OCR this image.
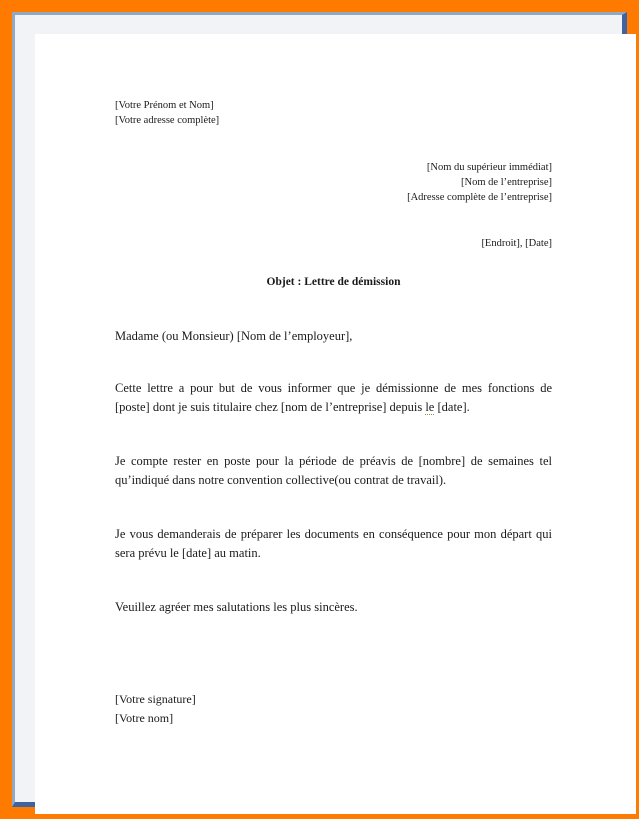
[Votre Prénom et Nom]
[Votre adresse complète]
[Nom du supérieur immédiat]
[Nom de l’entreprise]
[Adresse complète de l’entreprise]
[Endroit], [Date]
Objet : Lettre de démission
Madame (ou Monsieur) [Nom de l’employeur],
Cette lettre a pour but de vous informer que je démissionne de mes fonctions de [poste] dont je suis titulaire chez [nom de l’entreprise] depuis le [date].
Je compte rester en poste pour la période de préavis de [nombre] de semaines tel qu’indiqué dans notre convention collective(ou contrat de travail).
Je vous demanderais de préparer les documents en conséquence pour mon départ qui sera prévu le [date] au matin.
Veuillez agréer mes salutations les plus sincères.
[Votre signature]
[Votre nom]
